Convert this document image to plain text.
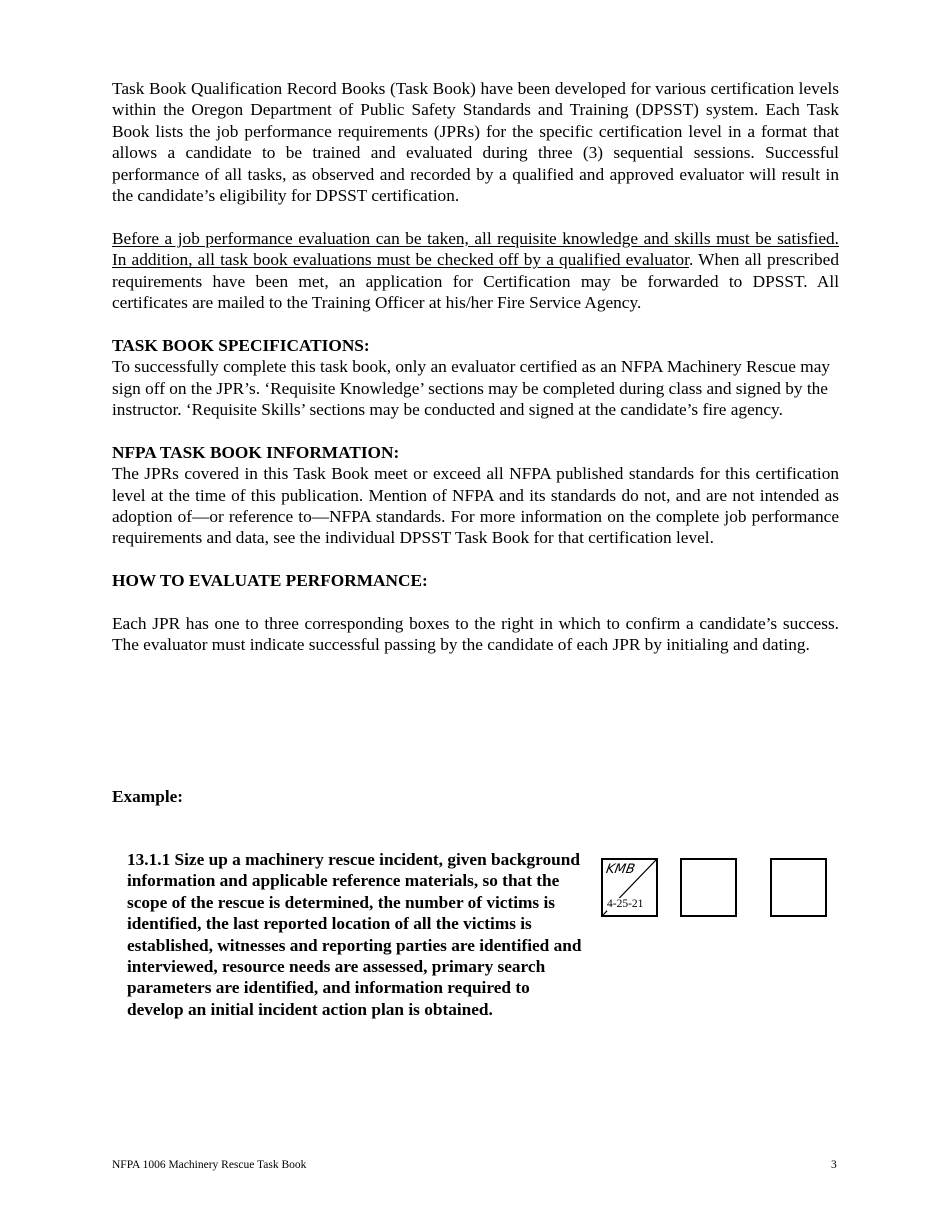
Task Book Qualification Record Books (Task Book) have been developed for various certification levels within the Oregon Department of Public Safety Standards and Training (DPSST) system. Each Task Book lists the job performance requirements (JPRs) for the specific certification level in a format that allows a candidate to be trained and evaluated during three (3) sequential sessions. Successful performance of all tasks, as observed and recorded by a qualified and approved evaluator will result in the candidate’s eligibility for DPSST certification.

Before a job performance evaluation can be taken, all requisite knowledge and skills must be satisfied. In addition, all task book evaluations must be checked off by a qualified evaluator. When all prescribed requirements have been met, an application for Certification may be forwarded to DPSST. All certificates are mailed to the Training Officer at his/her Fire Service Agency.

TASK BOOK SPECIFICATIONS:

To successfully complete this task book, only an evaluator certified as an NFPA Machinery Rescue may sign off on the JPR’s. ‘Requisite Knowledge’ sections may be completed during class and signed by the instructor. ‘Requisite Skills’ sections may be conducted and signed at the candidate’s fire agency.

NFPA TASK BOOK INFORMATION:

The JPRs covered in this Task Book meet or exceed all NFPA published standards for this certification level at the time of this publication. Mention of NFPA and its standards do not, and are not intended as adoption of—or reference to—NFPA standards. For more information on the complete job performance requirements and data, see the individual DPSST Task Book for that certification level.

HOW TO EVALUATE PERFORMANCE:

Each JPR has one to three corresponding boxes to the right in which to confirm a candidate’s success. The evaluator must indicate successful passing by the candidate of each JPR by initialing and dating.

Example:
13.1.1 Size up a machinery rescue incident, given background information and applicable reference materials, so that the scope of the rescue is determined, the number of victims is identified, the last reported location of all the victims is established, witnesses and reporting parties are identified and interviewed, resource needs are assessed, primary search parameters are identified, and information required to develop an initial incident action plan is obtained.
KMB
4-25-21
NFPA 1006 Machinery Rescue Task Book	3
